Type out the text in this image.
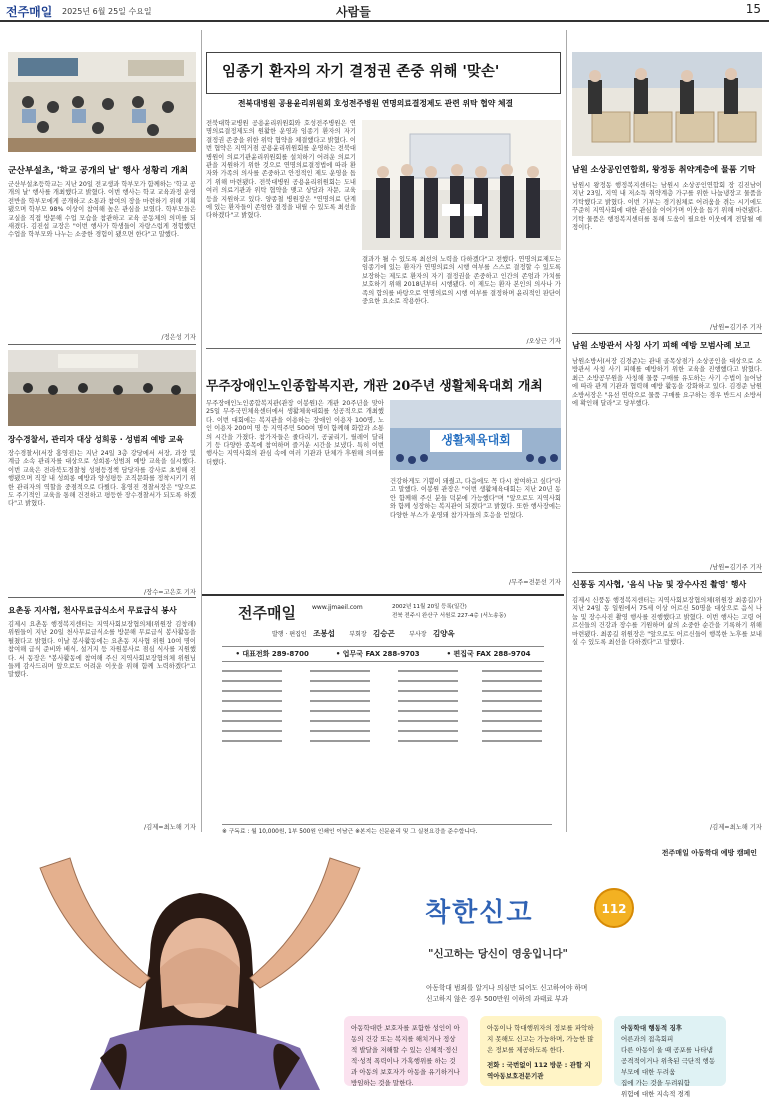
전주매일 2025년 6월 25일 수요일	사람들	15
군산부설초, '학교 공개의 날' 행사 성황리 개최
군산부설초등학교는 지난 20일 전교생과 학부모가 함께하는 '학교 공개의 날' 행사를 개최했다고 밝혔다. 이번 행사는 학교 교육과정 운영 전반을 학부모에게 공개하고 소통과 참여의 장을 마련하기 위해 기획됐으며 학부모 98% 이상이 참여해 높은 관심을 보였다. 학부모들은 교실을 직접 방문해 수업 모습을 참관하고 교육 공동체의 의미를 되새겼다. 김진섭 교장은 "이번 행사가 학생들이 자랑스럽게 경험했던 수업을 학부모와 나누는 소중한 경험이 됐으면 한다"고 말했다.
/정은성 기자
장수경찰서, 관리자 대상 성희롱 · 성범죄 예방 교육
장수경찰서(서장 홍영진)는 지난 24일 3층 강당에서 서장, 과장 및 계급 소속 관리자를 대상으로 성희롱·성범죄 예방 교육을 실시했다. 이번 교육은 전라북도경찰청 성평등정책 담당자를 강사로 초빙해 진행됐으며 직장 내 성희롱 예방과 양성평등 조직문화를 정착시키기 위한 관리자의 역할을 중점적으로 다뤘다. 홍영진 경찰서장은 "앞으로도 주기적인 교육을 통해 건전하고 평등한 장수경찰서가 되도록 하겠다"고 밝혔다.
/장수=고은호 기자
요촌동 지사협, 천사무료급식소서 무료급식 봉사
김제시 요촌동 행정복지센터는 지역사회보장협의체(위원장 김창래) 위원들이 지난 20일 천사무료급식소를 방문해 무료급식 봉사활동을 펼쳤다고 밝혔다. 이날 봉사활동에는 요촌동 지사협 위원 10여 명이 참여해 급식 준비와 배식, 설거지 등 자원봉사로 점심 식사를 지원했다. 서 동장은 "봉사활동에 참여해 주신 지역사회보장협의체 위원님들께 감사드리며 앞으로도 어려운 이웃을 위해 함께 노력하겠다"고 말했다.
/김제=최노해 기자
임종기 환자의 자기 결정권 존중 위해 '맞손'
전북대병원 공용윤리위원회 호성전주병원 연명의료결정제도 관련 위탁 협약 체결
전북대학교병원 공용윤리위원회와 호성전주병원은 연명의료결정제도의 원활한 운영과 임종기 환자의 자기 결정권 존중을 위한 위탁 협약을 체결했다고 밝혔다. 이번 협약은 지역거점 공용윤리위원회를 운영하는 전북대병원이 의료기관윤리위원회를 설치하기 어려운 의료기관을 지원하기 위한 것으로 연명의료결정법에 따라 환자와 가족의 의사를 존중하고 안정적인 제도 운영을 돕기 위해 마련됐다. 전북대병원 공용윤리위원회는 도내 여러 의료기관과 위탁 협약을 맺고 상담과 자문, 교육 등을 지원하고 있다. 양종철 병원장은 "연명의료 단계에 있는 환자들이 존엄한 결정을 내릴 수 있도록 최선을 다하겠다"고 밝혔다.
결과가 될 수 있도록 최선의 노력을 다하겠다"고 전했다. 연명의료제도는 임종기에 있는 환자가 연명의료의 시행 여부를 스스로 결정할 수 있도록 보장하는 제도로 환자의 자기 결정권을 존중하고 인간의 존엄과 가치를 보호하기 위해 2018년부터 시행됐다. 이 제도는 환자 본인의 의사나 가족의 합의를 바탕으로 연명의료의 시행 여부를 결정하며 윤리적인 판단이 중요한 요소로 작용한다.
/오상근 기자
무주장애인노인종합복지관, 개관 20주년 생활체육대회 개최
무주장애인노인종합복지관(관장 이봉원)은 개관 20주년을 맞아 25일 무주국민체육센터에서 생활체육대회를 성공적으로 개최했다. 이번 대회에는 복지관을 이용하는 장애인 이용자 100명, 노인 이용자 200여 명 등 지역주민 500여 명이 함께해 화합과 소통의 시간을 가졌다. 참가자들은 줄다리기, 공굴리기, 릴레이 달리기 등 다양한 종목에 참여하며 즐거운 시간을 보냈다. 특히 이번 행사는 지역사회의 관심 속에 여러 기관과 단체가 후원해 의미를 더했다.
생활체육대회
건강하게도 기쁨이 돼줬고, 다음에도 꼭 다시 참여하고 싶다"라고 말했다. 이봉원 관장은 "이번 생활체육대회는 지난 20년 동안 함께해 주신 분들 덕분에 가능했다"며 "앞으로도 지역사회와 함께 성장하는 복지관이 되겠다"고 밝혔다. 또한 행사장에는 다양한 부스가 운영돼 참가자들의 호응을 얻었다.
/무주=전문선 기자
전주매일	www.jjmaeil.com	2002년 11월 20일 등록(일간)
전북 전주시 완산구 서원로 227-4층 (서노송동)
발행 · 편집인 조봉섭 부회장 김승곤 부사장 김양옥
• 대표전화 289-8700	• 업무국 FAX 288-9703	• 편집국 FAX 288-9704
※ 구독료 : 월 10,000원, 1부 500원 인쇄인 이남근 ※본지는 신문윤리 및 그 실천요강을 준수합니다.
남원 소상공인연합회, 왕정동 취약계층에 물품 기탁
남원시 왕정동 행정복지센터는 남원시 소상공인연합회 장 김진남이 지난 23일, 지역 내 저소득 취약계층 가구를 위한 나눔냉장고 물품을 기탁했다고 밝혔다. 이번 기부는 경기침체로 어려움을 겪는 시기에도 꾸준히 지역사회에 대한 관심을 이어가며 이웃을 돕기 위해 마련됐다. 기탁 물품은 행정복지센터를 통해 도움이 필요한 이웃에게 전달될 예정이다.
/남원=김기주 기자
남원 소방관서 사칭 사기 피해 예방 모범사례 보고
남원소방서(서장 김경준)는 관내 골목상점가 소상공인을 대상으로 소방관서 사칭 사기 피해를 예방하기 위한 교육을 진행했다고 밝혔다. 최근 소방공무원을 사칭해 물품 구매를 유도하는 사기 수법이 늘어남에 따라 관계 기관과 협력해 예방 활동을 강화하고 있다. 김경준 남원소방서장은 "유선 연락으로 물품 구매를 요구하는 경우 반드시 소방서에 확인해 달라"고 당부했다.
/남원=김기주 기자
신풍동 지사협, '음식 나눔 및 장수사진 촬영' 행사
김제시 신풍동 행정복지센터는 지역사회보장협의체(위원장 최종길)가 지난 24일 동 일원에서 75세 이상 어르신 50명을 대상으로 음식 나눔 및 장수사진 촬영 행사를 진행했다고 밝혔다. 이번 행사는 고령 어르신들의 건강과 장수를 기원하며 삶의 소중한 순간을 기록하기 위해 마련됐다. 최종길 위원장은 "앞으로도 어르신들이 행복한 노후를 보내실 수 있도록 최선을 다하겠다"고 말했다.
/김제=최노해 기자
전주매일 아동학대 예방 캠페인
착한신고	112
"신고하는 당신이 영웅입니다"
아동학대 범죄를 알거나 의심만 되어도 신고하여야 하며
신고하지 않은 경우 500만원 이하의 과태료 부과
아동학대란 보호자를 포함한 성인이 아동의 건강 또는 복지를 해치거나 정상적 발달을 저해할 수 있는 신체적·정신적·성적 폭력이나 가혹행위를 하는 것과 아동의 보호자가 아동을 유기하거나 방임하는 것을 말한다.
아동이나 학대행위자의 정보를 파악하지 못해도 신고는 가능하며, 가능한 많은 정보를 제공하도록 한다.
전화 : 국번없이 112 방문 : 관할 지역아동보호전문기관
아동학대 행동적 징후
어른과의 접촉회피
다른 아동이 울 때 공포를 나타냄
공격적이거나 위축된 극단적 행동
부모에 대한 두려움
집에 가는 것을 두려워함
위험에 대한 지속적 경계
